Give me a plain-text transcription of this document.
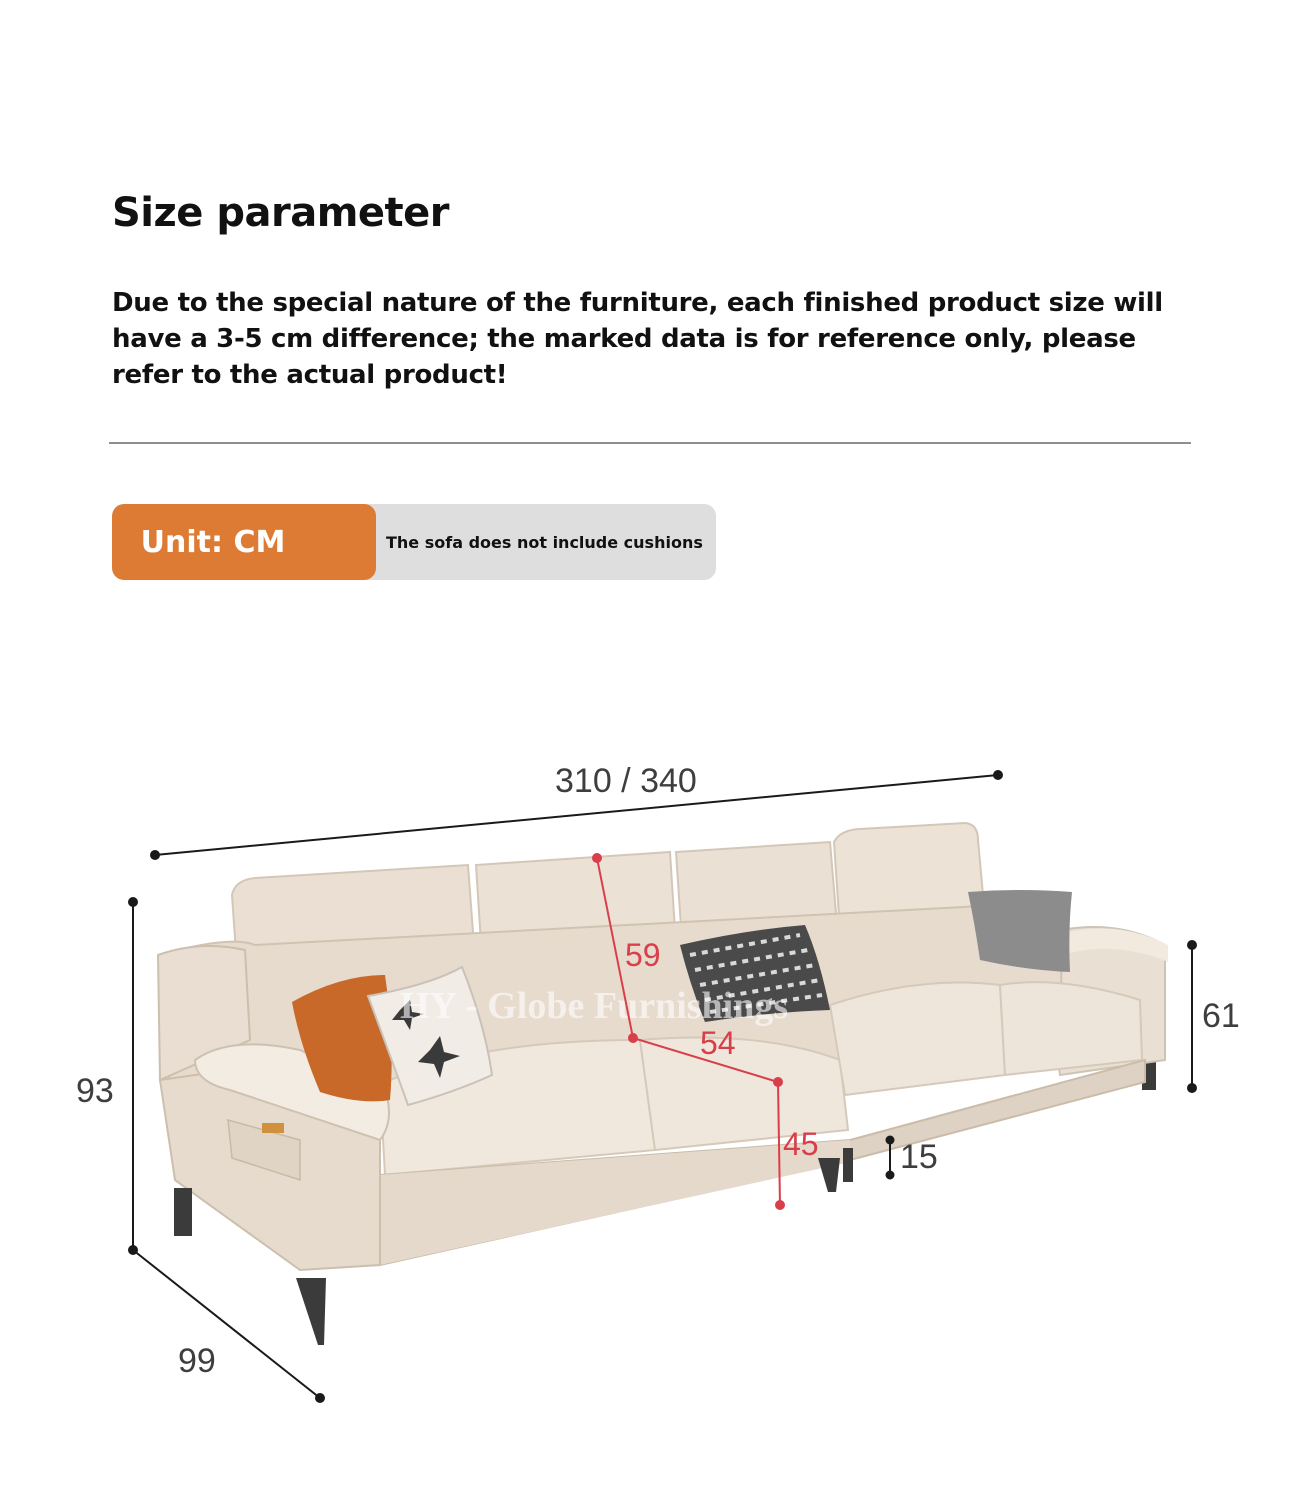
Size parameter

Due to the special nature of the furniture, each finished product size will have a 3-5 cm difference; the marked data is for reference only, please refer to the actual product!

Unit: CM	The sofa does not include cushions
HY - Globe Furnishings
310 / 340
93
99
61
15
59
54
45
